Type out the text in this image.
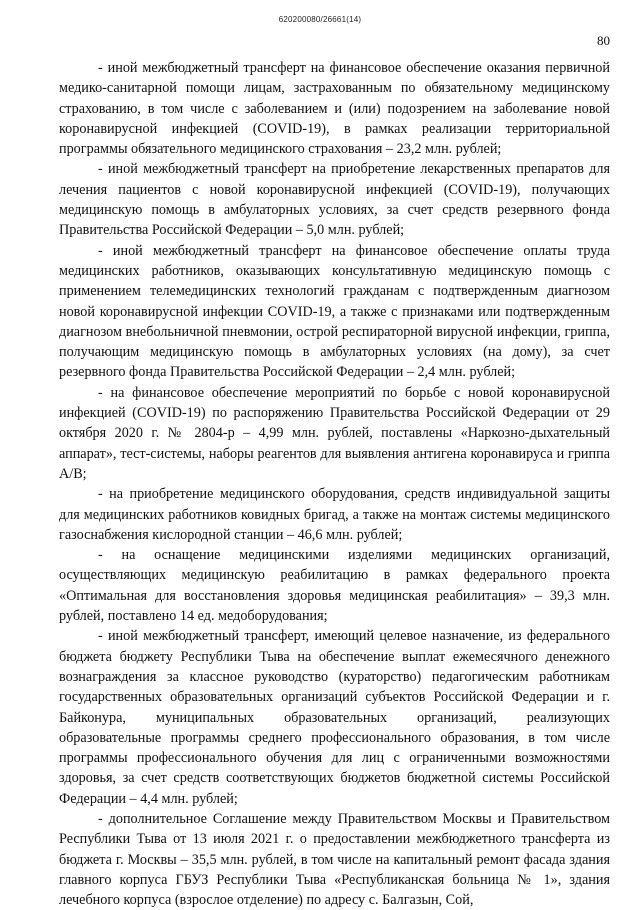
620200080/26661(14)
80

- иной межбюджетный трансферт на финансовое обеспечение оказания первичной медико-санитарной помощи лицам, застрахованным по обязательному медицинскому страхованию, в том числе с заболеванием и (или) подозрением на заболевание новой коронавирусной инфекцией (COVID-19), в рамках реализации территориальной программы обязательного медицинского страхования – 23,2 млн. рублей;

- иной межбюджетный трансферт на приобретение лекарственных препаратов для лечения пациентов с новой коронавирусной инфекцией (COVID-19), получающих медицинскую помощь в амбулаторных условиях, за счет средств резервного фонда Правительства Российской Федерации – 5,0 млн. рублей;

- иной межбюджетный трансферт на финансовое обеспечение оплаты труда медицинских работников, оказывающих консультативную медицинскую помощь с применением телемедицинских технологий гражданам с подтвержденным диагнозом новой коронавирусной инфекции COVID-19, а также с признаками или подтвержденным диагнозом внебольничной пневмонии, острой респираторной вирусной инфекции, гриппа, получающим медицинскую помощь в амбулаторных условиях (на дому), за счет резервного фонда Правительства Российской Федерации – 2,4 млн. рублей;

- на финансовое обеспечение мероприятий по борьбе с новой коронавирусной инфекцией (COVID-19) по распоряжению Правительства Российской Федерации от 29 октября 2020 г. № 2804-р – 4,99 млн. рублей, поставлены «Наркозно-дыхательный аппарат», тест-системы, наборы реагентов для выявления антигена коронавируса и гриппа A/B;

- на приобретение медицинского оборудования, средств индивидуальной защиты для медицинских работников ковидных бригад, а также на монтаж системы медицинского газоснабжения кислородной станции – 46,6 млн. рублей;

- на оснащение медицинскими изделиями медицинских организаций, осуществляющих медицинскую реабилитацию в рамках федерального проекта «Оптимальная для восстановления здоровья медицинская реабилитация» – 39,3 млн. рублей, поставлено 14 ед. медоборудования;

- иной межбюджетный трансферт, имеющий целевое назначение, из федерального бюджета бюджету Республики Тыва на обеспечение выплат ежемесячного денежного вознаграждения за классное руководство (кураторство) педагогическим работникам государственных образовательных организаций субъектов Российской Федерации и г. Байконура, муниципальных образовательных организаций, реализующих образовательные программы среднего профессионального образования, в том числе программы профессионального обучения для лиц с ограниченными возможностями здоровья, за счет средств соответствующих бюджетов бюджетной системы Российской Федерации – 4,4 млн. рублей;

- дополнительное Соглашение между Правительством Москвы и Правительством Республики Тыва от 13 июля 2021 г. о предоставлении межбюджетного трансферта из бюджета г. Москвы – 35,5 млн. рублей, в том числе на капитальный ремонт фасада здания главного корпуса ГБУЗ Республики Тыва «Республиканская больница № 1», здания лечебного корпуса (взрослое отделение) по адресу с. Балгазын, Сой,
